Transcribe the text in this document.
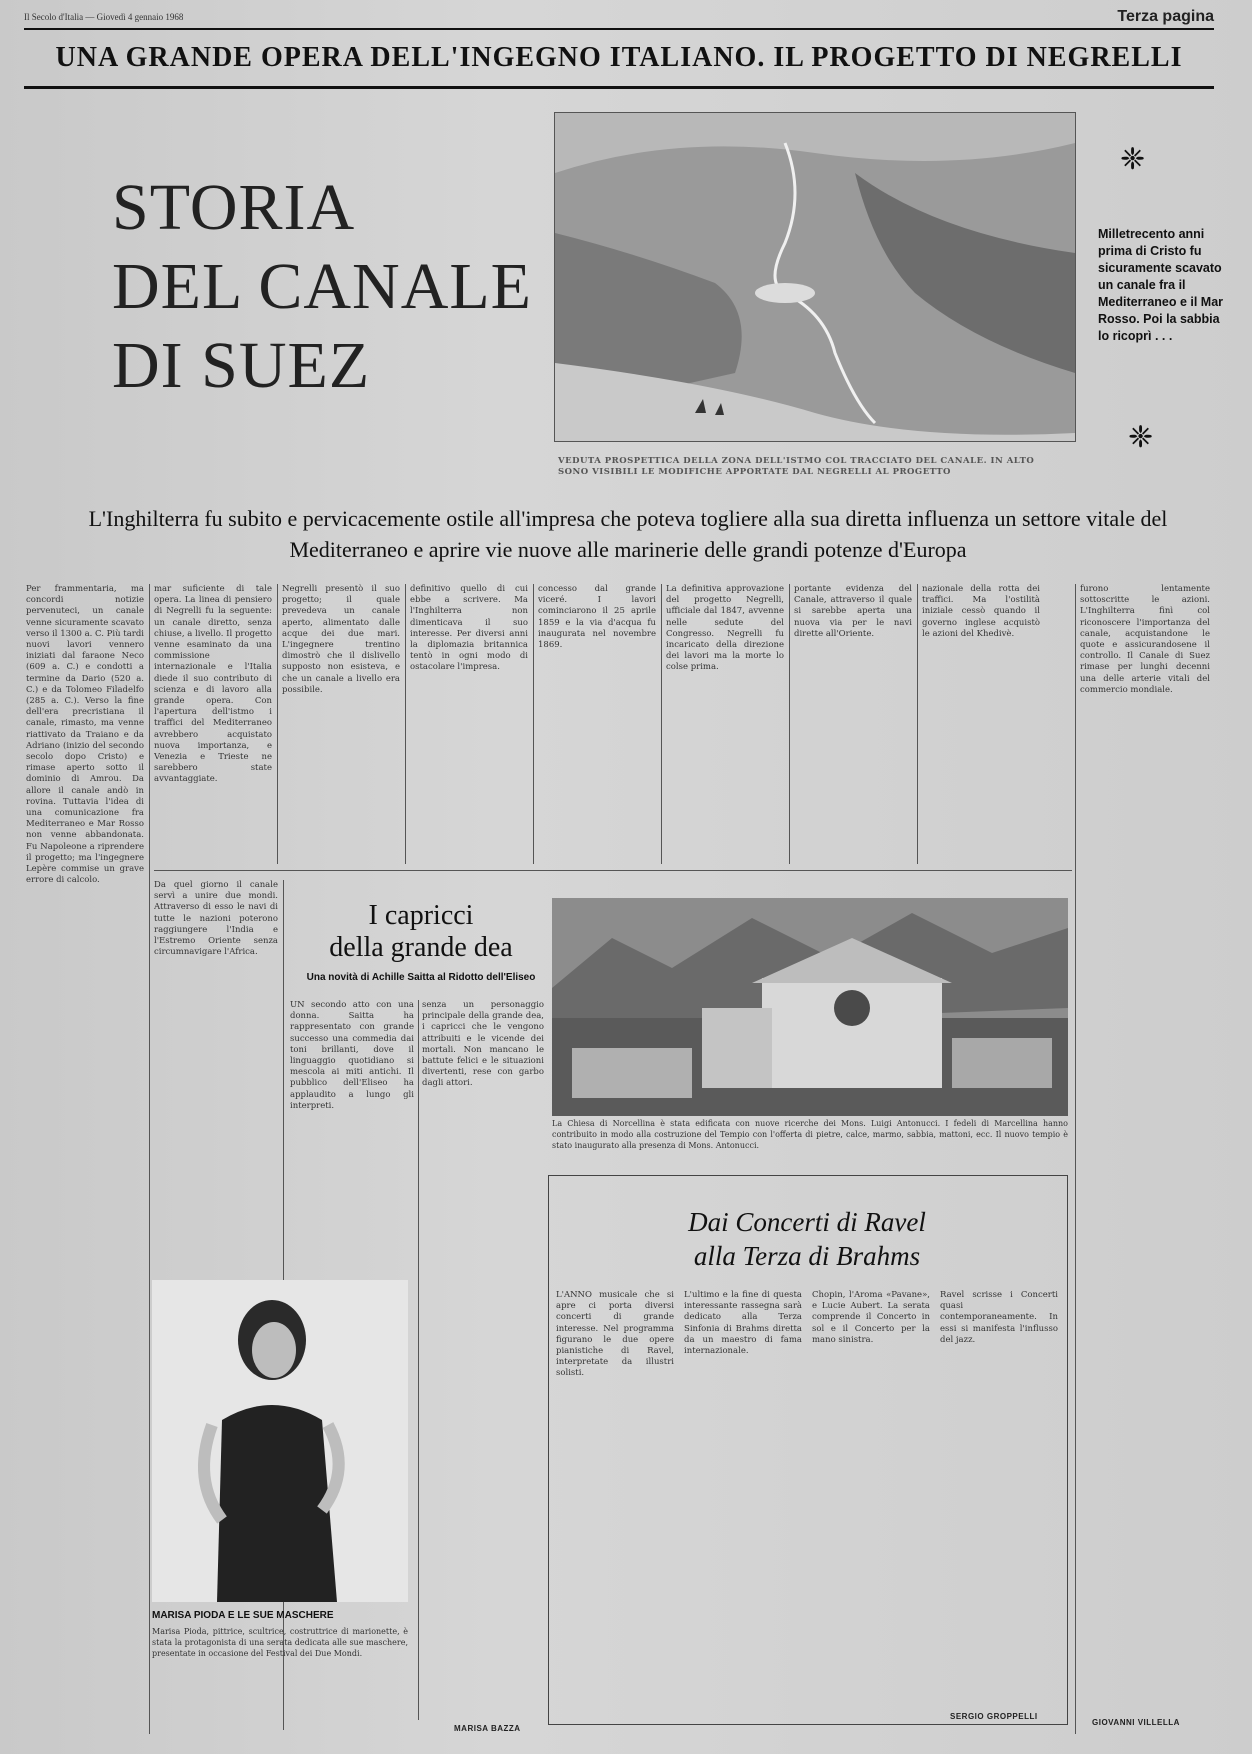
Il Secolo d'Italia — Giovedì 4 gennaio 1968	Terza pagina
UNA GRANDE OPERA DELL'INGEGNO ITALIANO. IL PROGETTO DI NEGRELLI
STORIA
DEL CANALE
DI SUEZ
VEDUTA PROSPETTICA DELLA ZONA DELL'ISTMO COL TRACCIATO DEL CANALE. IN ALTO SONO VISIBILI LE MODIFICHE APPORTATE DAL NEGRELLI AL PROGETTO
❈
Milletrecento anni prima di Cristo fu sicuramente scavato un canale fra il Mediterraneo e il Mar Rosso. Poi la sabbia lo ricoprì . . .
❈
L'Inghilterra fu subito e pervicacemente ostile all'impresa che poteva togliere alla sua diretta influenza un settore vitale del Mediterraneo e aprire vie nuove alle marinerie delle grandi potenze d'Europa
Per frammentaria, ma concordi notizie pervenuteci, un canale venne sicuramente scavato verso il 1300 a. C. Più tardi nuovi lavori vennero iniziati dal faraone Neco (609 a. C.) e condotti a termine da Dario (520 a. C.) e da Tolomeo Filadelfo (285 a. C.). Verso la fine dell'era precristiana il canale, rimasto, ma venne riattivato da Traiano e da Adriano (inizio del secondo secolo dopo Cristo) e rimase aperto sotto il dominio di Amrou. Da allore il canale andò in rovina. Tuttavia l'idea di una comunicazione fra Mediterraneo e Mar Rosso non venne abbandonata. Fu Napoleone a riprendere il progetto; ma l'ingegnere Lepère commise un grave errore di calcolo.
mar suficiente di tale opera. La linea di pensiero di Negrelli fu la seguente: un canale diretto, senza chiuse, a livello. Il progetto venne esaminato da una commissione internazionale e l'Italia diede il suo contributo di scienza e di lavoro alla grande opera. Con l'apertura dell'istmo i traffici del Mediterraneo avrebbero acquistato nuova importanza, e Venezia e Trieste ne sarebbero state avvantaggiate.
Negrelli presentò il suo progetto; il quale prevedeva un canale aperto, alimentato dalle acque dei due mari. L'ingegnere trentino dimostrò che il dislivello supposto non esisteva, e che un canale a livello era possibile.
definitivo quello di cui ebbe a scrivere. Ma l'Inghilterra non dimenticava il suo interesse. Per diversi anni la diplomazia britannica tentò in ogni modo di ostacolare l'impresa.
concesso dal grande viceré. I lavori cominciarono il 25 aprile 1859 e la via d'acqua fu inaugurata nel novembre 1869.
La definitiva approvazione del progetto Negrelli, ufficiale dal 1847, avvenne nelle sedute del Congresso. Negrelli fu incaricato della direzione dei lavori ma la morte lo colse prima.
portante evidenza del Canale, attraverso il quale si sarebbe aperta una nuova via per le navi dirette all'Oriente.
nazionale della rotta dei traffici. Ma l'ostilità iniziale cessò quando il governo inglese acquistò le azioni del Khedivè.
furono lentamente sottoscritte le azioni. L'Inghilterra finì col riconoscere l'importanza del canale, acquistandone le quote e assicurandosene il controllo. Il Canale di Suez rimase per lunghi decenni una delle arterie vitali del commercio mondiale.
GIOVANNI VILLELLA
I capricci
della grande dea
Una novità di Achille Saitta al Ridotto dell'Eliseo
UN secondo atto con una donna. Saitta ha rappresentato con grande successo una commedia dai toni brillanti, dove il linguaggio quotidiano si mescola ai miti antichi. Il pubblico dell'Eliseo ha applaudito a lungo gli interpreti.
senza un personaggio principale della grande dea, i capricci che le vengono attribuiti e le vicende dei mortali. Non mancano le battute felici e le situazioni divertenti, rese con garbo dagli attori.
MARISA BAZZA
Da quel giorno il canale servì a unire due mondi. Attraverso di esso le navi di tutte le nazioni poterono raggiungere l'India e l'Estremo Oriente senza circumnavigare l'Africa.
La Chiesa di Norcellina è stata edificata con nuove ricerche dei Mons. Luigi Antonucci. I fedeli di Marcellina hanno contribuito in modo alla costruzione del Tempio con l'offerta di pietre, calce, marmo, sabbia, mattoni, ecc. Il nuovo tempio è stato inaugurato alla presenza di Mons. Antonucci.
Dai Concerti di Ravel
alla Terza di Brahms
L'ANNO musicale che si apre ci porta diversi concerti di grande interesse. Nel programma figurano le due opere pianistiche di Ravel, interpretate da illustri solisti.
L'ultimo e la fine di questa interessante rassegna sarà dedicato alla Terza Sinfonia di Brahms diretta da un maestro di fama internazionale.
Chopin, l'Aroma «Pavane», e Lucie Aubert. La serata comprende il Concerto in sol e il Concerto per la mano sinistra.
Ravel scrisse i Concerti quasi contemporaneamente. In essi si manifesta l'influsso del jazz.
SERGIO GROPPELLI
MARISA PIODA E LE SUE MASCHERE
Marisa Pioda, pittrice, scultrice, costruttrice di marionette, è stata la protagonista di una serata dedicata alle sue maschere, presentate in occasione del Festival dei Due Mondi.
